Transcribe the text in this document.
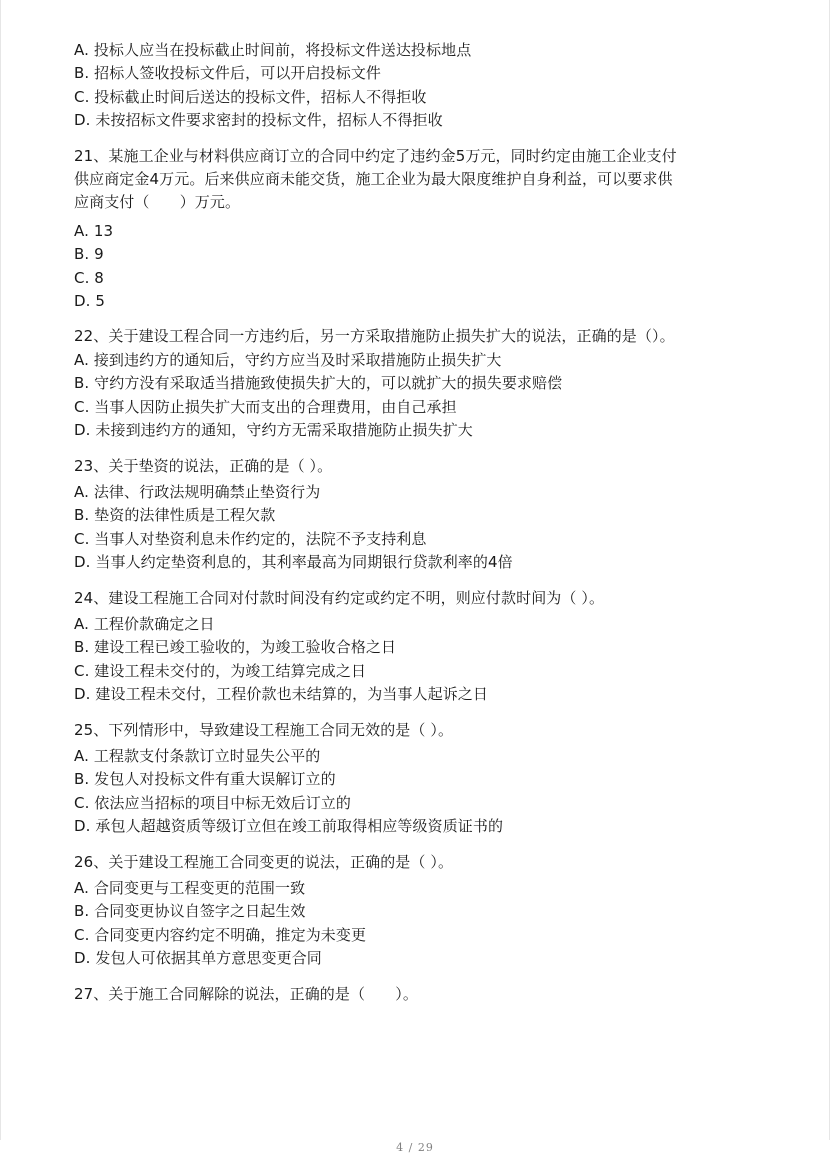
A. 投标人应当在投标截止时间前，将投标文件送达投标地点
B. 招标人签收投标文件后，可以开启投标文件
C. 投标截止时间后送达的投标文件，招标人不得拒收
D. 未按招标文件要求密封的投标文件，招标人不得拒收
21、某施工企业与材料供应商订立的合同中约定了违约金5万元，同时约定由施工企业支付
供应商定金4万元。后来供应商未能交货，施工企业为最大限度维护自身利益，可以要求供
应商支付（　　）万元。
A. 13
B. 9
C. 8
D. 5
22、关于建设工程合同一方违约后，另一方采取措施防止损失扩大的说法，正确的是（）。
A. 接到违约方的通知后，守约方应当及时采取措施防止损失扩大
B. 守约方没有采取适当措施致使损失扩大的，可以就扩大的损失要求赔偿
C. 当事人因防止损失扩大而支出的合理费用，由自己承担
D. 未接到违约方的通知，守约方无需采取措施防止损失扩大
23、关于垫资的说法，正确的是（ ）。
A. 法律、行政法规明确禁止垫资行为
B. 垫资的法律性质是工程欠款
C. 当事人对垫资利息未作约定的，法院不予支持利息
D. 当事人约定垫资利息的，其利率最高为同期银行贷款利率的4倍
24、建设工程施工合同对付款时间没有约定或约定不明，则应付款时间为（ ）。
A. 工程价款确定之日
B. 建设工程已竣工验收的，为竣工验收合格之日
C. 建设工程未交付的，为竣工结算完成之日
D. 建设工程未交付，工程价款也未结算的，为当事人起诉之日
25、下列情形中，导致建设工程施工合同无效的是（ ）。
A. 工程款支付条款订立时显失公平的
B. 发包人对投标文件有重大误解订立的
C. 依法应当招标的项目中标无效后订立的
D. 承包人超越资质等级订立但在竣工前取得相应等级资质证书的
26、关于建设工程施工合同变更的说法，正确的是（ ）。
A. 合同变更与工程变更的范围一致
B. 合同变更协议自签字之日起生效
C. 合同变更内容约定不明确，推定为未变更
D. 发包人可依据其单方意思变更合同
27、关于施工合同解除的说法，正确的是（　　）。
4 / 29
